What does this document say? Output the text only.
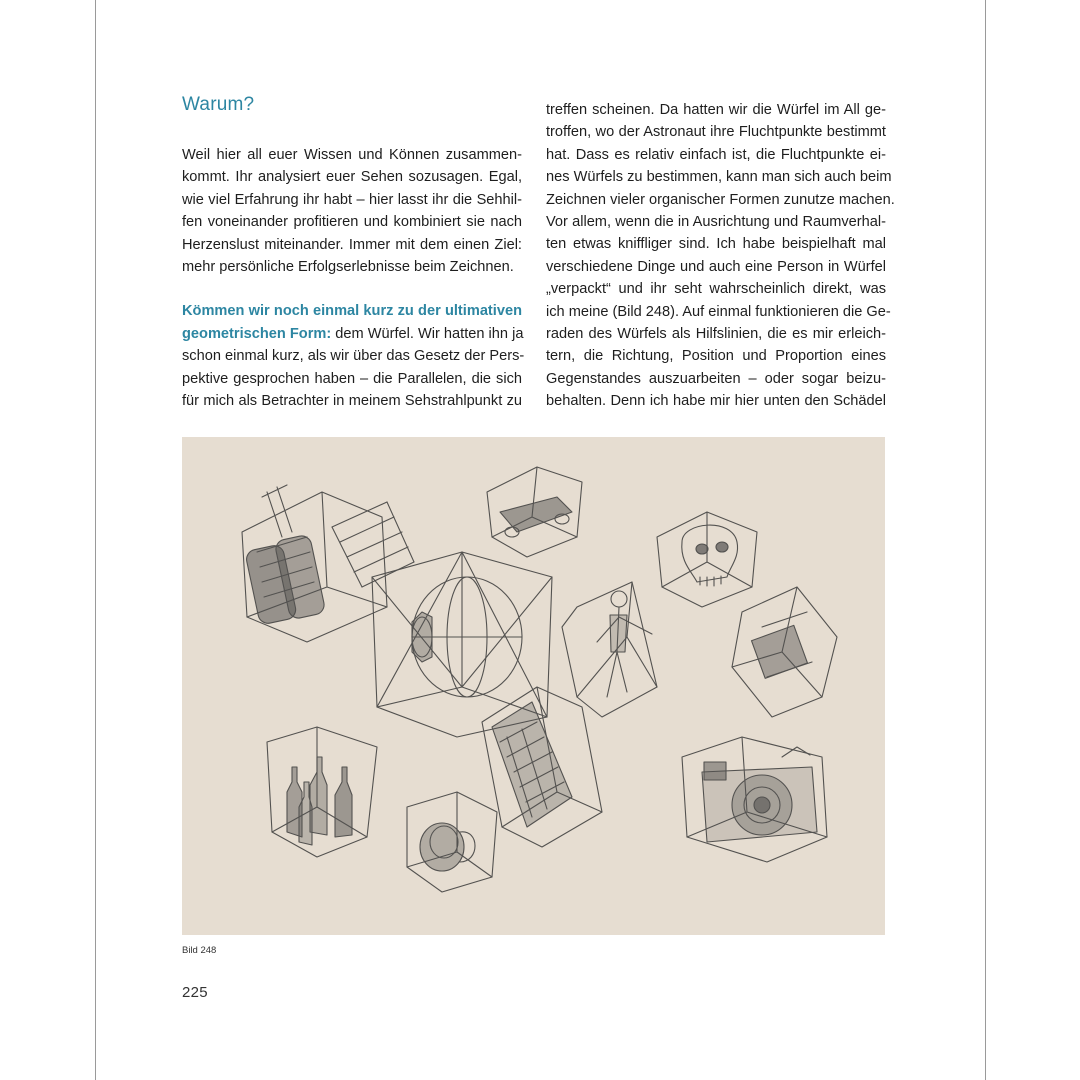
Warum?

Weil hier all euer Wissen und Können zusammen-
kommt. Ihr analysiert euer Sehen sozusagen. Egal,
wie viel Erfahrung ihr habt – hier lasst ihr die Sehhil-
fen voneinander profitieren und kombiniert sie nach
Herzenslust miteinander. Immer mit dem einen Ziel:
mehr persönliche Erfolgserlebnisse beim Zeichnen.

Kömmen wir noch einmal kurz zu der ultimativen
geometrischen Form: dem Würfel. Wir hatten ihn ja
schon einmal kurz, als wir über das Gesetz der Pers-
pektive gesprochen haben – die Parallelen, die sich
für mich als Betrachter in meinem Sehstrahlpunkt zu

treffen scheinen. Da hatten wir die Würfel im All ge-
troffen, wo der Astronaut ihre Fluchtpunkte bestimmt
hat. Dass es relativ einfach ist, die Fluchtpunkte ei-
nes Würfels zu bestimmen, kann man sich auch beim
Zeichnen vieler organischer Formen zunutze machen.
Vor allem, wenn die in Ausrichtung und Raumverhal-
ten etwas kniffliger sind. Ich habe beispielhaft mal
verschiedene Dinge und auch eine Person in Würfel
„verpackt“ und ihr seht wahrscheinlich direkt, was
ich meine (Bild 248). Auf einmal funktionieren die Ge-
raden des Würfels als Hilfslinien, die es mir erleich-
tern, die Richtung, Position und Proportion eines
Gegenstandes auszuarbeiten – oder sogar beizu-
behalten. Denn ich habe mir hier unten den Schädel

Bild 248
225
